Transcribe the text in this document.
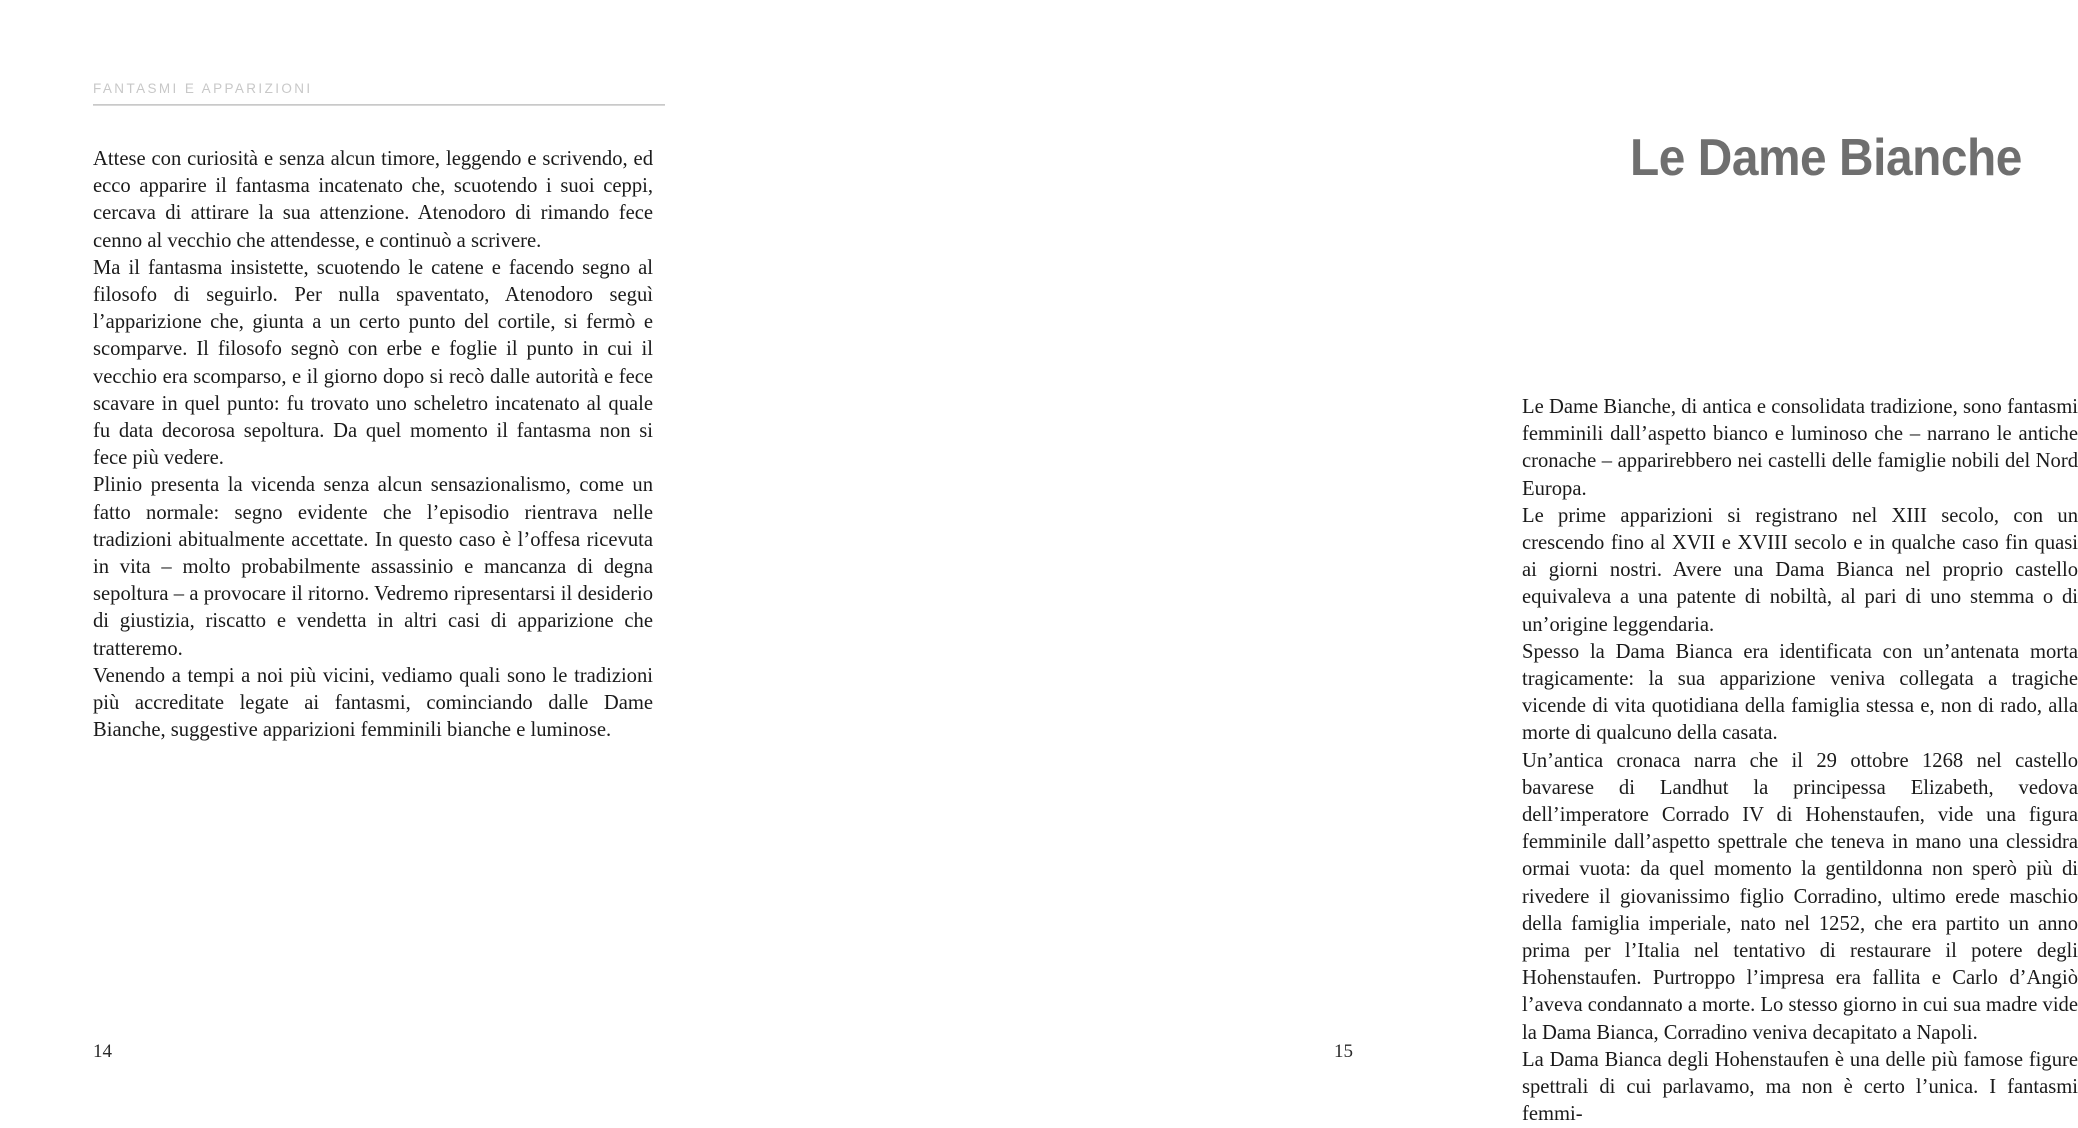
FANTASMI E APPARIZIONI

Attese con curiosità e senza alcun timore, leggendo e scrivendo, ed ecco apparire il fantasma incatenato che, scuotendo i suoi ceppi, cercava di attirare la sua attenzione. Atenodoro di rimando fece cenno al vecchio che attendesse, e continuò a scrivere.

Ma il fantasma insistette, scuotendo le catene e facendo segno al filosofo di seguirlo. Per nulla spaventato, Atenodoro seguì l’apparizione che, giunta a un certo punto del cortile, si fermò e scomparve. Il filosofo segnò con erbe e foglie il punto in cui il vecchio era scomparso, e il giorno dopo si recò dalle autorità e fece scavare in quel punto: fu trovato uno scheletro incatenato al quale fu data decorosa sepoltura. Da quel momento il fantasma non si fece più vedere.

Plinio presenta la vicenda senza alcun sensazionalismo, come un fatto normale: segno evidente che l’episodio rientrava nelle tradizioni abitualmente accettate. In questo caso è l’offesa ricevuta in vita – molto probabilmente assassinio e mancanza di degna sepoltura – a provocare il ritorno. Vedremo ripresentarsi il desiderio di giustizia, riscatto e vendetta in altri casi di apparizione che tratteremo.

Venendo a tempi a noi più vicini, vediamo quali sono le tradizioni più accreditate legate ai fantasmi, cominciando dalle Dame Bianche, suggestive apparizioni femminili bianche e luminose.

14
Le Dame Bianche

Le Dame Bianche, di antica e consolidata tradizione, sono fantasmi femminili dall’aspetto bianco e luminoso che – narrano le antiche cronache – apparirebbero nei castelli delle famiglie nobili del Nord Europa.

Le prime apparizioni si registrano nel XIII secolo, con un crescendo fino al XVII e XVIII secolo e in qualche caso fin quasi ai giorni nostri. Avere una Dama Bianca nel proprio castello equivaleva a una patente di nobiltà, al pari di uno stemma o di un’origine leggendaria.

Spesso la Dama Bianca era identificata con un’antenata morta tragicamente: la sua apparizione veniva collegata a tragiche vicende di vita quotidiana della famiglia stessa e, non di rado, alla morte di qualcuno della casata.

Un’antica cronaca narra che il 29 ottobre 1268 nel castello bavarese di Landhut la principessa Elizabeth, vedova dell’imperatore Corrado IV di Hohenstaufen, vide una figura femminile dall’aspetto spettrale che teneva in mano una clessidra ormai vuota: da quel momento la gentildonna non sperò più di rivedere il giovanissimo figlio Corradino, ultimo erede maschio della famiglia imperiale, nato nel 1252, che era partito un anno prima per l’Italia nel tentativo di restaurare il potere degli Hohenstaufen. Purtroppo l’impresa era fallita e Carlo d’Angiò l’aveva condannato a morte. Lo stesso giorno in cui sua madre vide la Dama Bianca, Corradino veniva decapitato a Napoli.

La Dama Bianca degli Hohenstaufen è una delle più famose figure spettrali di cui parlavamo, ma non è certo l’unica. I fantasmi femmi-

15
